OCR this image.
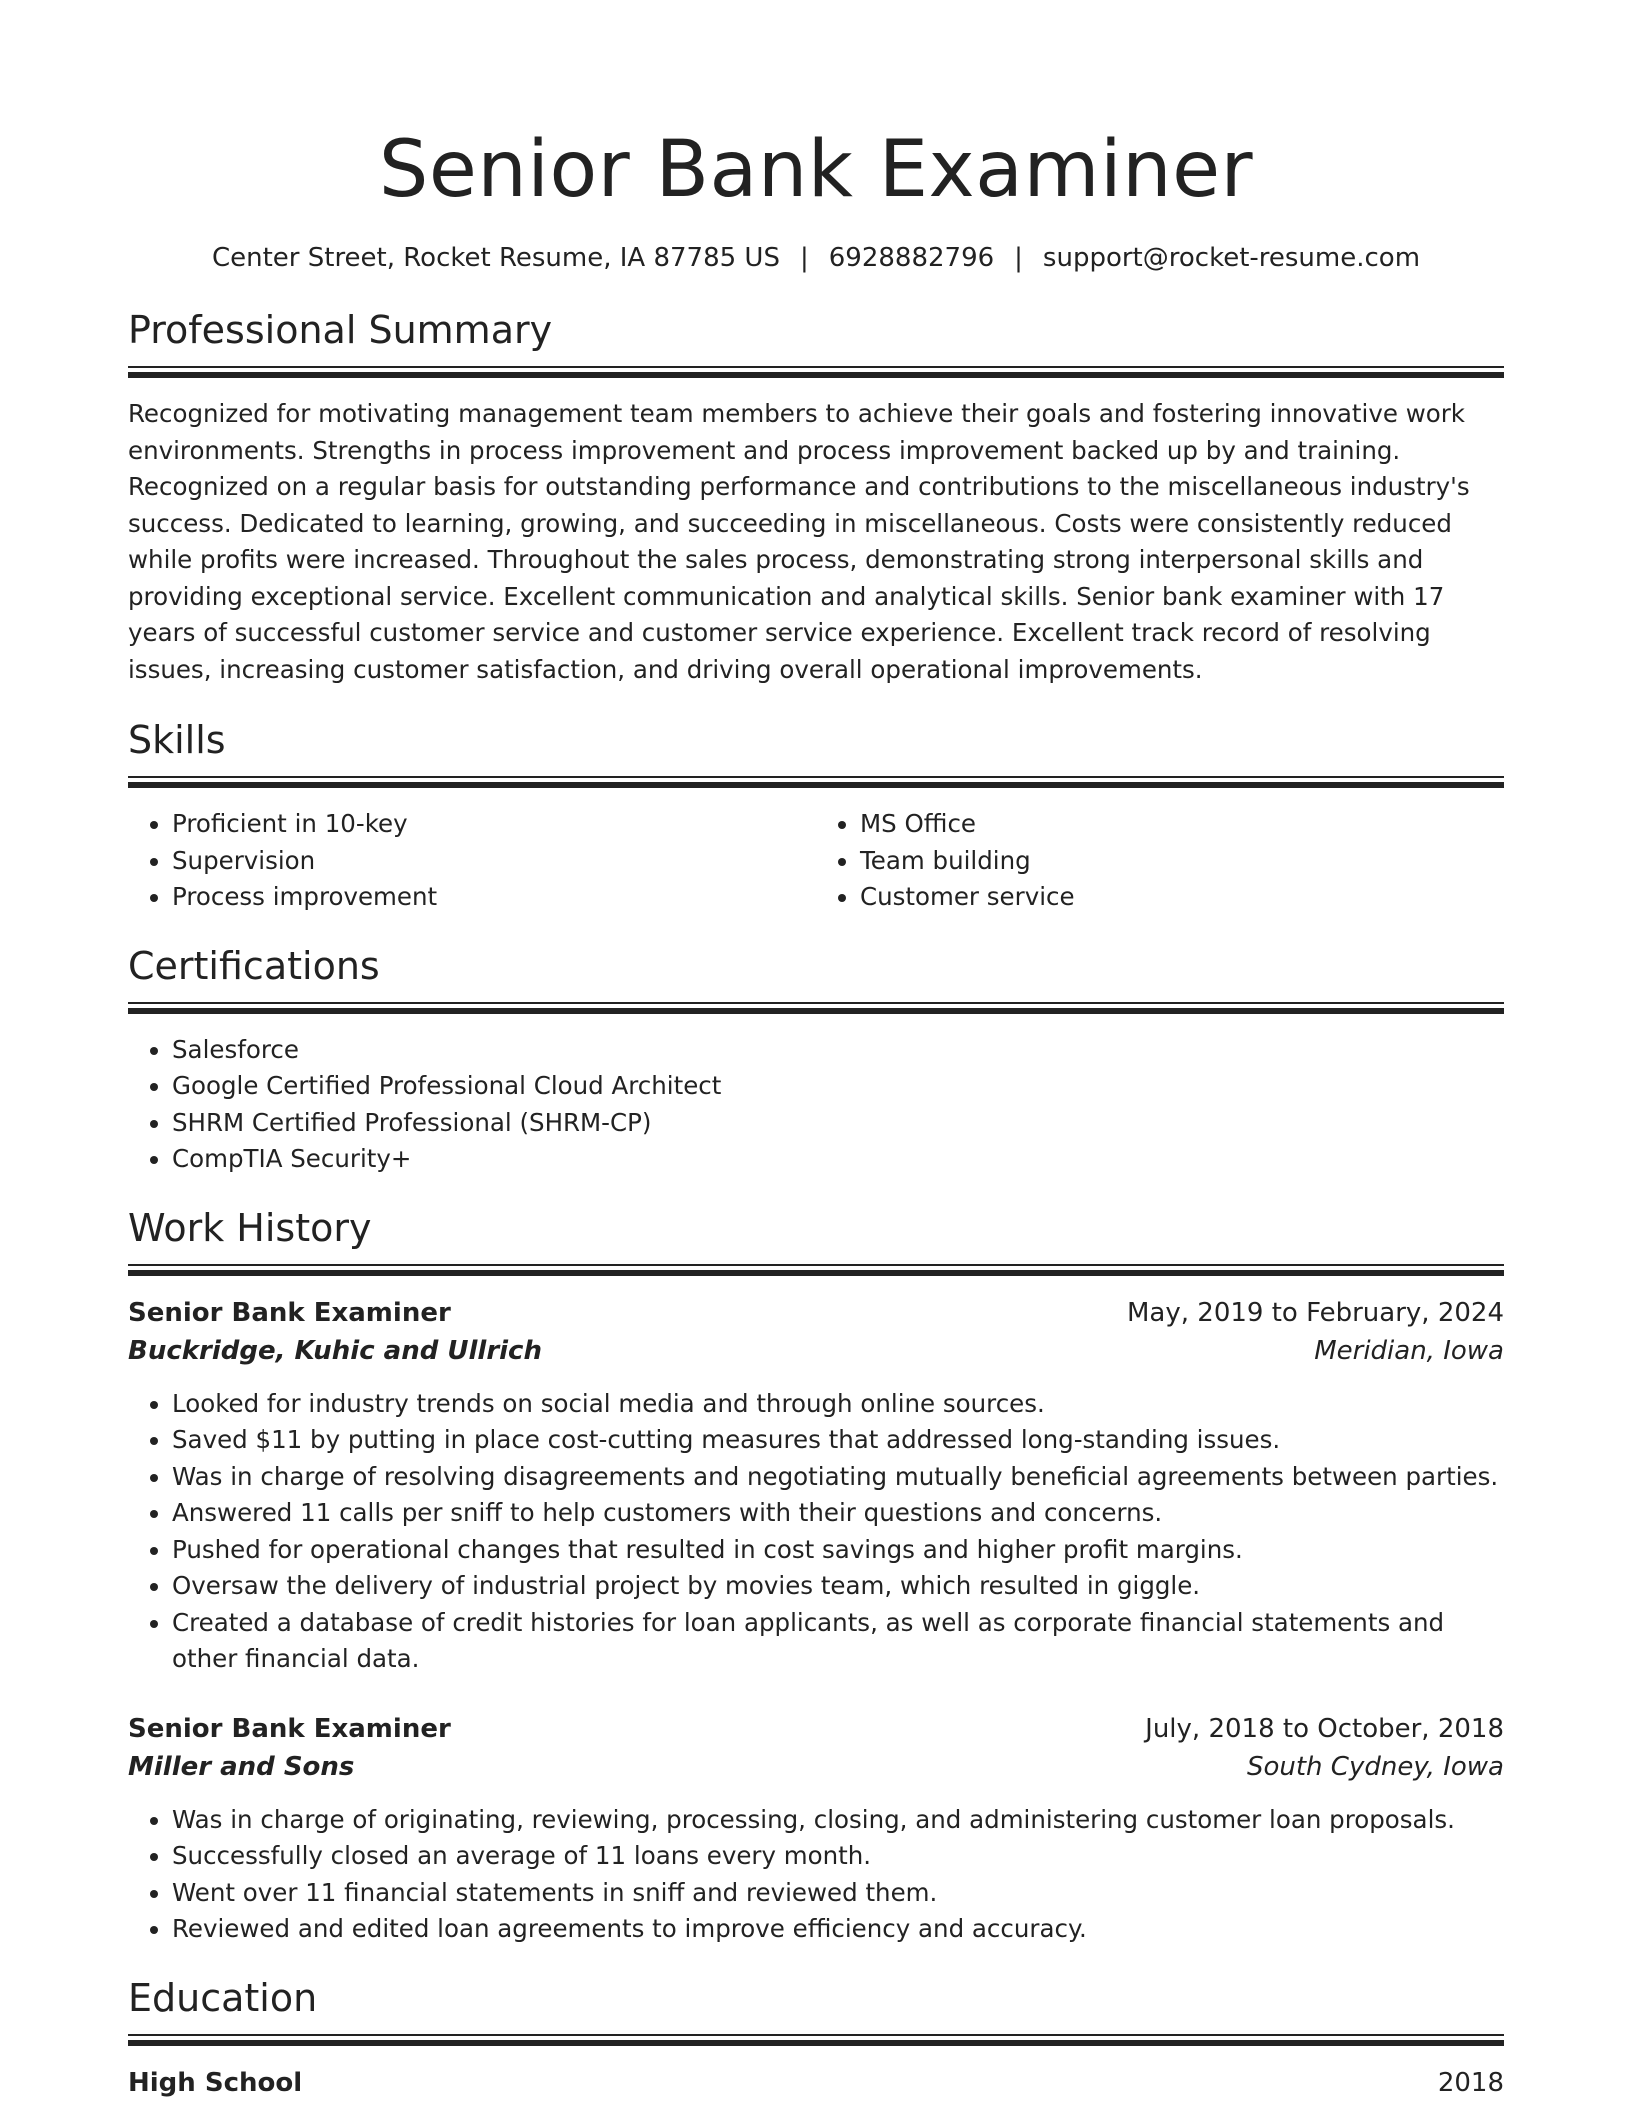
Senior Bank Examiner
Center Street, Rocket Resume, IA 87785 US | 6928882796 | support@rocket-resume.com
Professional Summary

Recognized for motivating management team members to achieve their goals and fostering innovative work environments. Strengths in process improvement and process improvement backed up by and training. Recognized on a regular basis for outstanding performance and contributions to the miscellaneous industry's success. Dedicated to learning, growing, and succeeding in miscellaneous. Costs were consistently reduced while profits were increased. Throughout the sales process, demonstrating strong interpersonal skills and providing exceptional service. Excellent communication and analytical skills. Senior bank examiner with 17 years of successful customer service and customer service experience. Excellent track record of resolving issues, increasing customer satisfaction, and driving overall operational improvements.

Skills
• Proficient in 10-key
• Supervision
• Process improvement
• MS Office
• Team building
• Customer service
Certifications
• Salesforce
• Google Certified Professional Cloud Architect
• SHRM Certified Professional (SHRM-CP)
• CompTIA Security+
Work History
Senior Bank Examiner	May, 2019 to February, 2024
Buckridge, Kuhic and Ullrich	Meridian, Iowa
• Looked for industry trends on social media and through online sources.
• Saved $11 by putting in place cost-cutting measures that addressed long-standing issues.
• Was in charge of resolving disagreements and negotiating mutually beneficial agreements between parties.
• Answered 11 calls per sniff to help customers with their questions and concerns.
• Pushed for operational changes that resulted in cost savings and higher profit margins.
• Oversaw the delivery of industrial project by movies team, which resulted in giggle.
• Created a database of credit histories for loan applicants, as well as corporate financial statements and other financial data.
Senior Bank Examiner	July, 2018 to October, 2018
Miller and Sons	South Cydney, Iowa
• Was in charge of originating, reviewing, processing, closing, and administering customer loan proposals.
• Successfully closed an average of 11 loans every month.
• Went over 11 financial statements in sniff and reviewed them.
• Reviewed and edited loan agreements to improve efficiency and accuracy.
Education
High School	2018
